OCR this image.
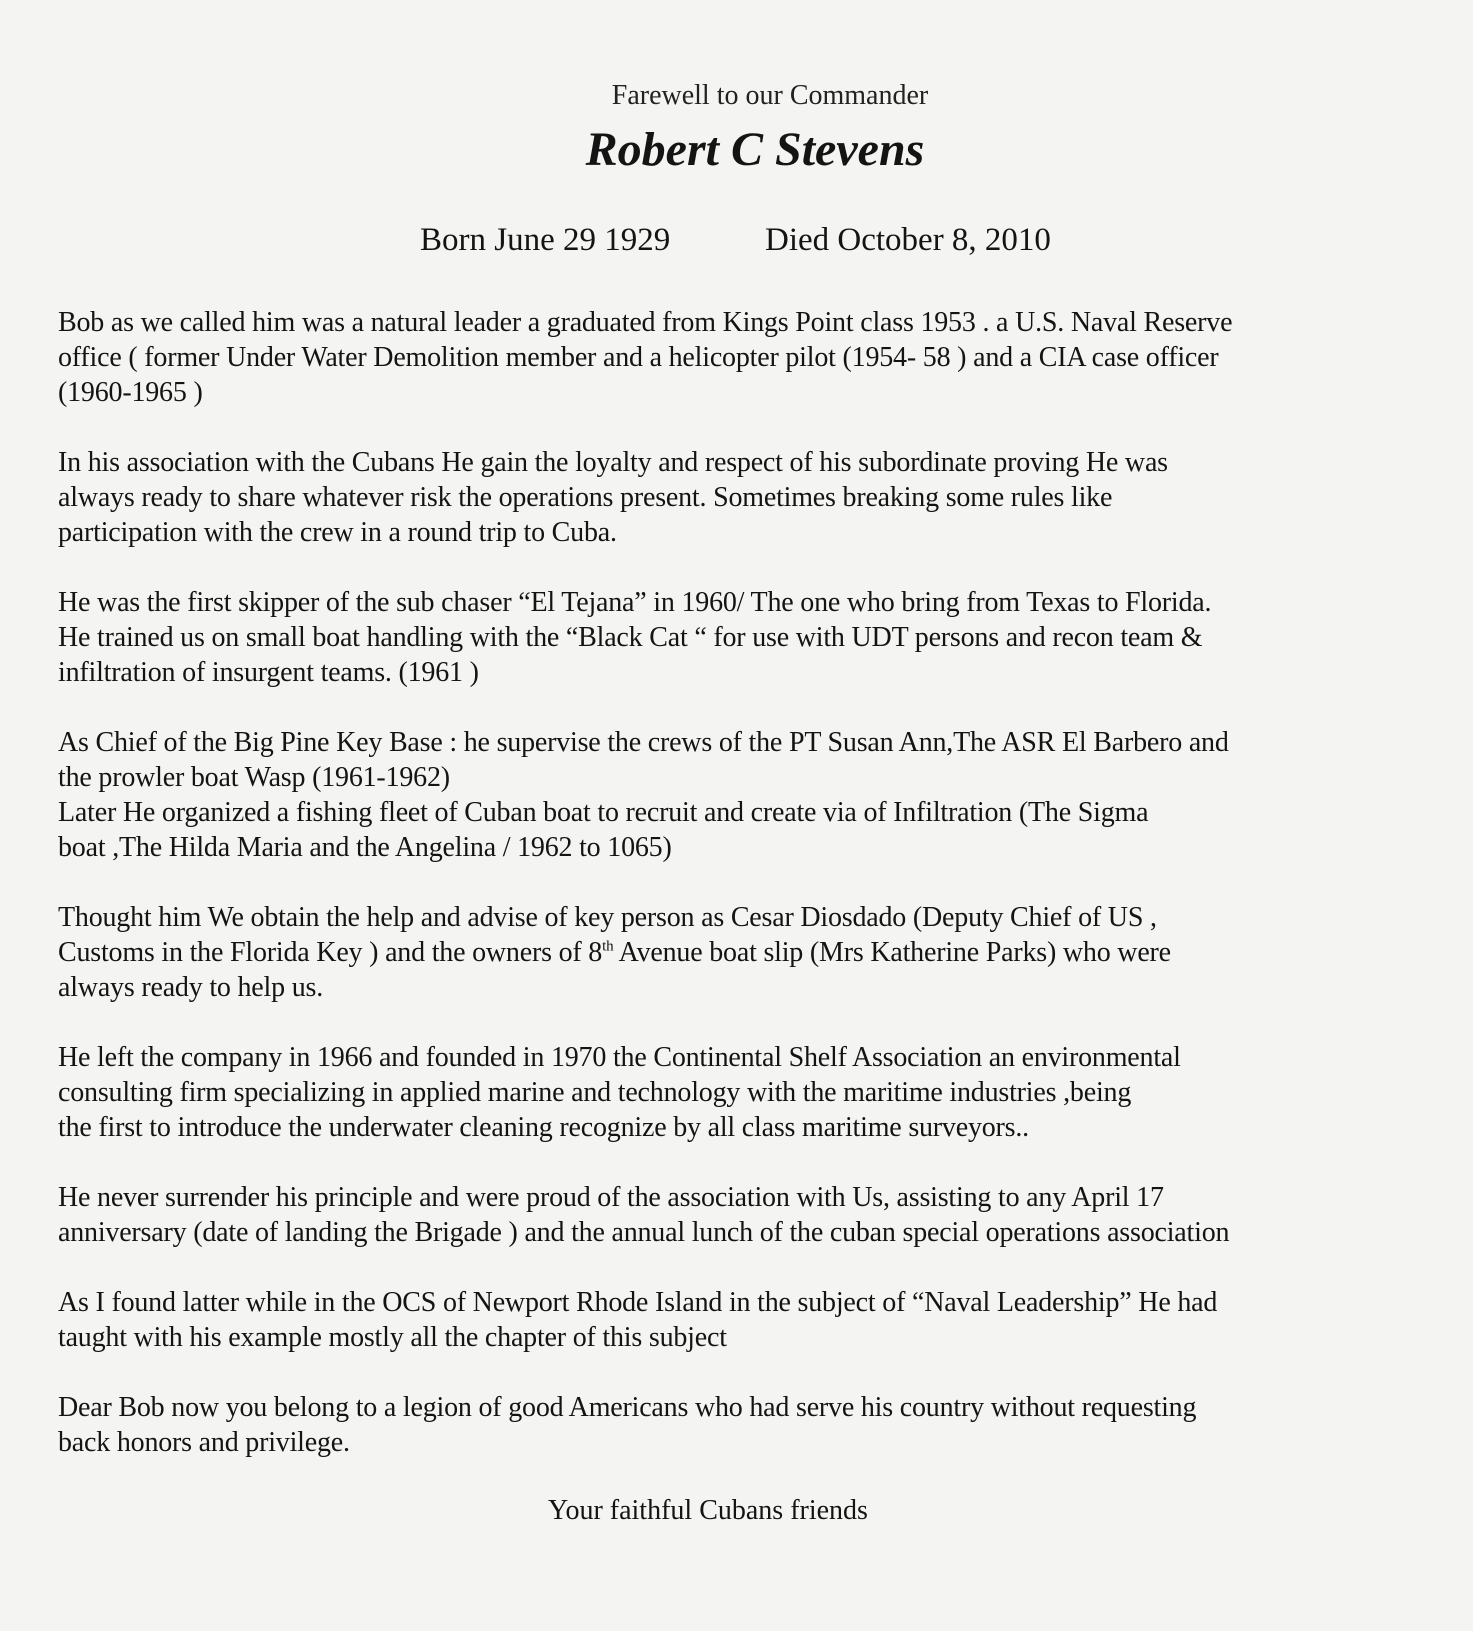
Farewell to our Commander
Robert C Stevens
Born June 29 1929	Died October 8, 2010

Bob as we called him was a natural leader a graduated from Kings Point class 1953 . a U.S. Naval Reserve
office ( former Under Water Demolition member and a helicopter pilot (1954- 58 ) and a CIA case officer
(1960-1965 )

In his association with the Cubans He gain the loyalty and respect of his subordinate proving He was
always ready to share whatever risk the operations present. Sometimes breaking some rules like
participation with the crew in a round trip to Cuba.

He was the first skipper of the sub chaser “El Tejana” in 1960/ The one who bring from Texas to Florida.
He trained us on small boat handling with the “Black Cat “ for use with UDT persons and recon team &
infiltration of insurgent teams. (1961 )

As Chief of the Big Pine Key Base : he supervise the crews of the PT Susan Ann,The ASR El Barbero and
the prowler boat Wasp (1961-1962)
Later He organized a fishing fleet of Cuban boat to recruit and create via of Infiltration (The Sigma
boat ,The Hilda Maria and the Angelina / 1962 to 1065)

Thought him We obtain the help and advise of key person as Cesar Diosdado (Deputy Chief of US ,
Customs in the Florida Key ) and the owners of 8th Avenue boat slip (Mrs Katherine Parks) who were
always ready to help us.

He left the company in 1966 and founded in 1970 the Continental Shelf Association an environmental
consulting firm specializing in applied marine and technology with the maritime industries ,being
the first to introduce the underwater cleaning recognize by all class maritime surveyors..

He never surrender his principle and were proud of the association with Us, assisting to any April 17
anniversary (date of landing the Brigade ) and the annual lunch of the cuban special operations association

As I found latter while in the OCS of Newport Rhode Island in the subject of “Naval Leadership” He had
taught with his example mostly all the chapter of this subject

Dear Bob now you belong to a legion of good Americans who had serve his country without requesting
back honors and privilege.

Your faithful Cubans friends
